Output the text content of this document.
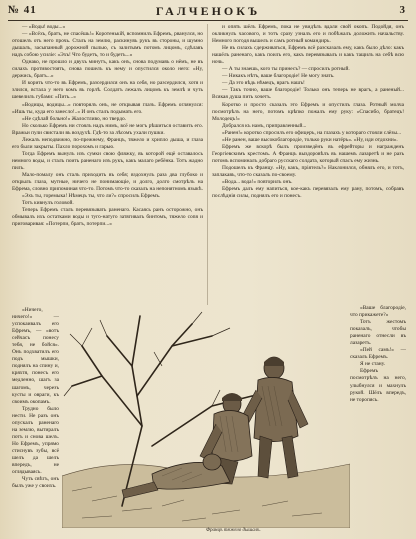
№ 41	ГАЛЧЕНОКЪ	3

— «Воды! воды...»

— «Всёхъ, братъ, не спасёшь!» Коротенькій, вспомнилъ Ефремъ, рванулся, но отошелъ отъ него прочь. Сталъ на землю, раскинувъ рукъ въ стороны, и шумно дышалъ, засыпанный дорожной пылью, съ залитымъ потомъ лицомъ, сдѣлавъ надъ собою усиліе: «Эхъ! Что будетъ, то и будетъ...»

Однако, не прошло и двухъ минутъ, какъ онъ, снова подумавъ о нёмъ, не въ силахъ противостоять, снова пошелъ къ нему и опустился около него: «Ну, держись, братъ...»

И корить что-то въ Ефремъ, разсердился онъ на себя, но разсердился, хотя и злился, встала у него комъ въ горлѣ. Солдатъ лежалъ лицомъ къ землѣ и чуть шевелилъ губами: «Пить...»

«Водицы, водицы...» повторялъ онъ, не открывая глазъ. Ефремъ оглянулся: «Ишь ты, куда его занесло!..» И онъ сталъ подымать его.

«Не сдѣлай больно!» Жалостливо, но твердо.

Но сколько Ефремъ ни стоялъ надъ нимъ, всё не могъ рѣшиться оставить его. Вражьи пули свистали въ воздухѣ. Гдѣ-то за лѣсомъ ухали пушки.

Лежалъ неподвижно, по-прежнему, Францъ, тяжело и хрипло дыша, и глаза его были закрыты. Пахло порохомъ и гарью.

Тогда Ефремъ вынулъ изъ сумки свою фляжку, въ которой ещё оставалось немного воды, и сталъ поить раненаго изъ рукъ, какъ малаго ребёнка. Тотъ жадно пилъ.

Мало-помалу онъ сталъ приходить въ себя; вздохнулъ раза два глубоко и открылъ глаза, мутные, ничего не понимающіе, и долго, долго смотрѣлъ на Ефрема, словно припоминая что-то. Потомъ что-то сказалъ на непонятномъ языкѣ.

«Эхъ ты, горемыка! Нѣмецъ ты, что ли?» спросилъ Ефремъ.

Тотъ кивнулъ головой.

Теперь Ефремъ сталъ перевязывать раненаго. Касаясь ранъ осторожно, онъ обмывалъ ихъ остатками воды и туго-натуго затягивалъ бинтомъ, тяжело сопя и приговаривая: «Потерпи, братъ, потерпи...»

и опять шёлъ Ефремъ, пока не увидѣлъ вдали свой окопъ. Подойдя, онъ окликнулъ часового, и тотъ сразу узналъ его и побѣжалъ доложить начальству. Немного погодя вышелъ и самъ ротный командиръ.

Не въ силахъ сдерживаться, Ефремъ всё разсказалъ ему, какъ было дѣло: какъ нашёлъ раненаго, какъ поилъ его, какъ перевязывалъ и какъ тащилъ на себѣ всю ночь.

— А ты знаешь, кого ты принесъ? — спросилъ ротный.

— Никакъ нѣтъ, ваше благородіе! Не могу знать.

— Да это вѣдь нѣмецъ, врагъ нашъ!

— Такъ точно, ваше благородіе! Только онъ теперь не врагъ, а раненый... Всякая душа пить хочетъ.

Коротко и просто сказалъ это Ефремъ и опустилъ глаза. Ротный молча посмотрѣлъ на него, потомъ крѣпко пожалъ ему руку: «Спасибо, братецъ! Молодецъ!»

Добрался къ намъ, приправленный...

«Ранен!» коротко спросилъ его офицеръ, на глазахъ у котораго стояли слёзы...

«Не ранен, ваше высокоблагородіе, только руки натёръ». «Ну, иди отдохни».

Ефремъ же вскорѣ былъ произведёнъ въ ефрейторы и награжденъ Георгіевскимъ крестомъ. А Францъ выздоровѣлъ въ нашемъ лазаретѣ и не разъ потомъ вспоминалъ добраго русскаго солдата, который спасъ ему жизнь.

Подошелъ къ Францу. «Ну, какъ, пріятель?» Наклонился, обнялъ его, и тотъ, заплакавъ, что-то сказалъ по-своему.

«Вода... вода!» повторилъ онъ.

Ефремъ далъ ему напиться, кое-какъ перевязалъ ему рану, потомъ, собравъ послѣднія силы, поднялъ его и понесъ.

«Ничего, ничего!» — успокаивалъ его Ефремъ, — «вотъ сейчасъ понесу тебя, не бойся». Онъ подхватилъ его подъ мышки, поднялъ на спину и, кряхтя, понесъ его медленно, шагъ за шагомъ, черезъ кусты и овраги, къ своимъ окопамъ.

Трудно было нести. Не разъ онъ опускалъ раненаго на землю, вытиралъ потъ и снова шелъ. Но Ефремъ, упрямо стиснувъ зубы, всё шелъ да шелъ впередъ, не оглядываясь.

Чуть свѣтъ, онъ былъ уже у своихъ.

«Ваше благородіе, что прикажете?»

Тотъ жестомъ показалъ, чтобы раненаго отнесли въ лазаретъ.

«Пей самъ!» — сказалъ Ефремъ.

Я не стану.

Ефремъ посмотрѣлъ на него, улыбнулся и махнулъ рукой. Шёлъ впередъ, не торопясь.

Францъ тяжело дышалъ.
